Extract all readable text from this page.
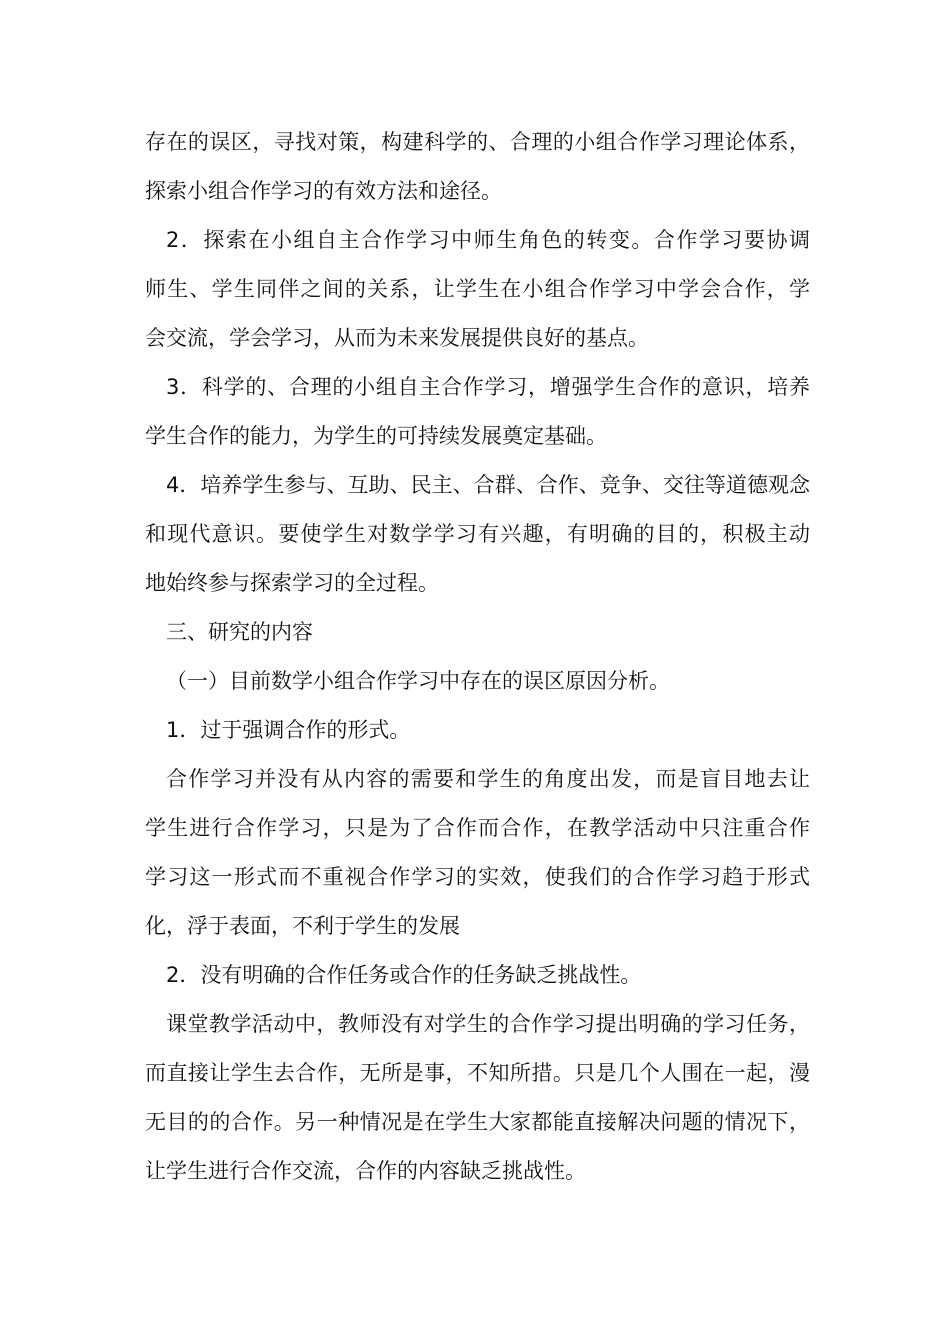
存在的误区，寻找对策，构建科学的、合理的小组合作学习理论体系，
探索小组合作学习的有效方法和途径。
2．探索在小组自主合作学习中师生角色的转变。合作学习要协调
师生、学生同伴之间的关系，让学生在小组合作学习中学会合作，学
会交流，学会学习，从而为未来发展提供良好的基点。
3．科学的、合理的小组自主合作学习，增强学生合作的意识，培养
学生合作的能力，为学生的可持续发展奠定基础。
4．培养学生参与、互助、民主、合群、合作、竞争、交往等道德观念
和现代意识。要使学生对数学学习有兴趣，有明确的目的，积极主动
地始终参与探索学习的全过程。
三、研究的内容
（一）目前数学小组合作学习中存在的误区原因分析。
1．过于强调合作的形式。
合作学习并没有从内容的需要和学生的角度出发，而是盲目地去让
学生进行合作学习，只是为了合作而合作，在教学活动中只注重合作
学习这一形式而不重视合作学习的实效，使我们的合作学习趋于形式
化，浮于表面，不利于学生的发展
2．没有明确的合作任务或合作的任务缺乏挑战性。
课堂教学活动中，教师没有对学生的合作学习提出明确的学习任务，
而直接让学生去合作，无所是事，不知所措。只是几个人围在一起，漫
无目的的合作。另一种情况是在学生大家都能直接解决问题的情况下，
让学生进行合作交流，合作的内容缺乏挑战性。
